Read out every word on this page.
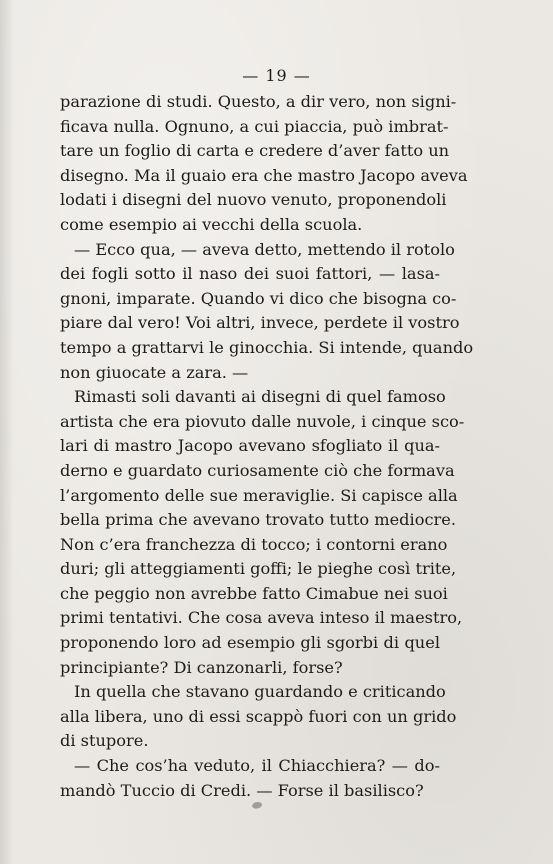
— 19 —
parazione di studi. Questo, a dir vero, non signi-
ficava nulla. Ognuno, a cui piaccia, può imbrat-
tare un foglio di carta e credere d’aver fatto un
disegno. Ma il guaio era che mastro Jacopo aveva
lodati i disegni del nuovo venuto, proponendoli
come esempio ai vecchi della scuola.
— Ecco qua, — aveva detto, mettendo il rotolo
dei fogli sotto il naso dei suoi fattori, — lasa-
gnoni, imparate. Quando vi dico che bisogna co-
piare dal vero! Voi altri, invece, perdete il vostro
tempo a grattarvi le ginocchia. Si intende, quando
non giuocate a zara. —
Rimasti soli davanti ai disegni di quel famoso
artista che era piovuto dalle nuvole, i cinque sco-
lari di mastro Jacopo avevano sfogliato il qua-
derno e guardato curiosamente ciò che formava
l’argomento delle sue meraviglie. Si capisce alla
bella prima che avevano trovato tutto mediocre.
Non c’era franchezza di tocco; i contorni erano
duri; gli atteggiamenti goffi; le pieghe così trite,
che peggio non avrebbe fatto Cimabue nei suoi
primi tentativi. Che cosa aveva inteso il maestro,
proponendo loro ad esempio gli sgorbi di quel
principiante? Di canzonarli, forse?
In quella che stavano guardando e criticando
alla libera, uno di essi scappò fuori con un grido
di stupore.
— Che cos’ha veduto, il Chiacchiera? — do-
mandò Tuccio di Credi. — Forse il basilisco?
